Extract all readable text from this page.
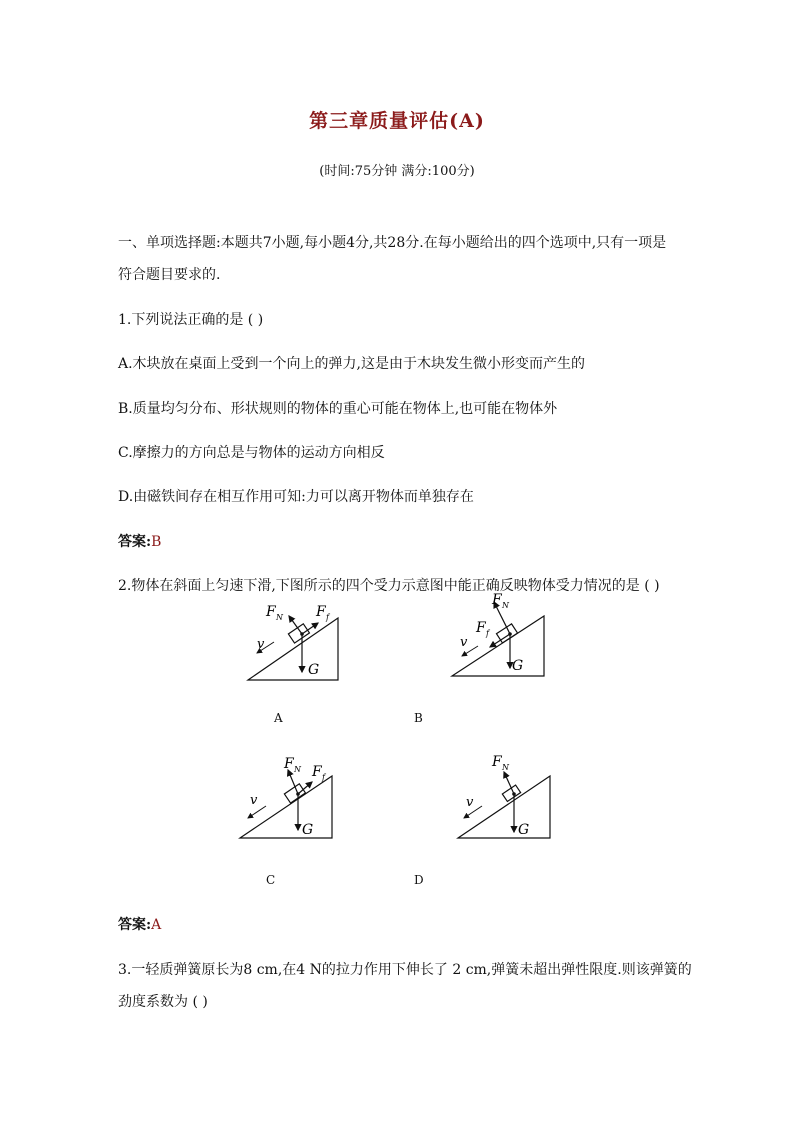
第三章质量评估(A)
(时间:75分钟 满分:100分)
一、单项选择题:本题共7小题,每小题4分,共28分.在每小题给出的四个选项中,只有一项是
符合题目要求的.
1.下列说法正确的是 ( )
A.木块放在桌面上受到一个向上的弹力,这是由于木块发生微小形变而产生的
B.质量均匀分布、形状规则的物体的重心可能在物体上,也可能在物体外
C.摩擦力的方向总是与物体的运动方向相反
D.由磁铁间存在相互作用可知:力可以离开物体而单独存在
答案:B
2.物体在斜面上匀速下滑,下图所示的四个受力示意图中能正确反映物体受力情况的是 ( )
F N F f
G
v
F N
F f
G
v
A	B
F N F f
G
v
F N
G
v
C	D
答案:A
3.一轻质弹簧原长为8 cm,在4 N的拉力作用下伸长了 2 cm,弹簧未超出弹性限度.则该弹簧的
劲度系数为 ( )
